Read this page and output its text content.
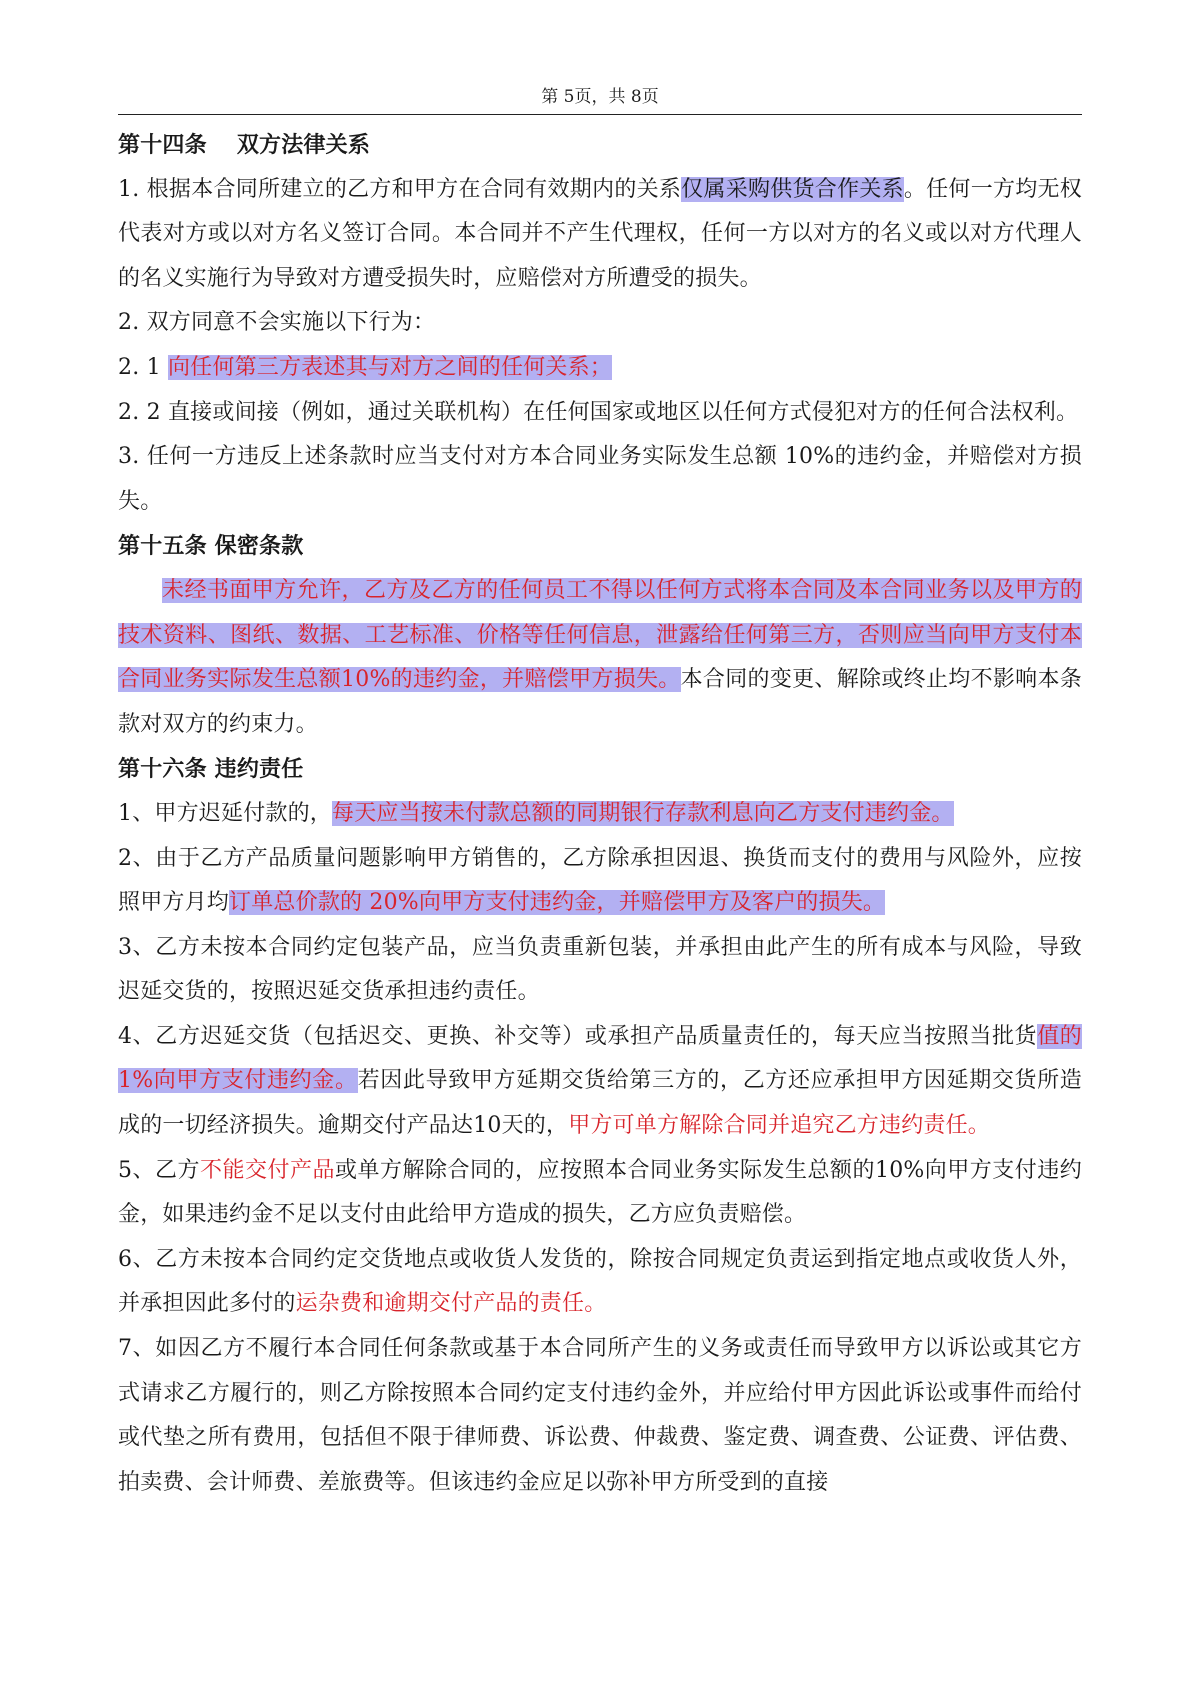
第 5页，共 8页

第十四条　 双方法律关系

1. 根据本合同所建立的乙方和甲方在合同有效期内的关系仅属采购供货合作关系。任何一方均无权代表对方或以对方名义签订合同。本合同并不产生代理权，任何一方以对方的名义或以对方代理人的名义实施行为导致对方遭受损失时，应赔偿对方所遭受的损失。

2. 双方同意不会实施以下行为：

2. 1 向任何第三方表述其与对方之间的任何关系；

2. 2 直接或间接（例如，通过关联机构）在任何国家或地区以任何方式侵犯对方的任何合法权利。

3. 任何一方违反上述条款时应当支付对方本合同业务实际发生总额 10%的违约金，并赔偿对方损失。

第十五条 保密条款

未经书面甲方允许，乙方及乙方的任何员工不得以任何方式将本合同及本合同业务以及甲方的技术资料、图纸、数据、工艺标准、价格等任何信息，泄露给任何第三方，否则应当向甲方支付本合同业务实际发生总额10%的违约金，并赔偿甲方损失。本合同的变更、解除或终止均不影响本条款对双方的约束力。

第十六条 违约责任

1、甲方迟延付款的，每天应当按未付款总额的同期银行存款利息向乙方支付违约金。

2、由于乙方产品质量问题影响甲方销售的，乙方除承担因退、换货而支付的费用与风险外，应按照甲方月均订单总价款的 20%向甲方支付违约金，并赔偿甲方及客户的损失。

3、乙方未按本合同约定包装产品，应当负责重新包装，并承担由此产生的所有成本与风险，导致迟延交货的，按照迟延交货承担违约责任。

4、乙方迟延交货（包括迟交、更换、补交等）或承担产品质量责任的，每天应当按照当批货值的1%向甲方支付违约金。若因此导致甲方延期交货给第三方的，乙方还应承担甲方因延期交货所造成的一切经济损失。逾期交付产品达10天的，甲方可单方解除合同并追究乙方违约责任。

5、乙方不能交付产品或单方解除合同的，应按照本合同业务实际发生总额的10%向甲方支付违约金，如果违约金不足以支付由此给甲方造成的损失，乙方应负责赔偿。

6、乙方未按本合同约定交货地点或收货人发货的，除按合同规定负责运到指定地点或收货人外，并承担因此多付的运杂费和逾期交付产品的责任。

7、如因乙方不履行本合同任何条款或基于本合同所产生的义务或责任而导致甲方以诉讼或其它方式请求乙方履行的，则乙方除按照本合同约定支付违约金外，并应给付甲方因此诉讼或事件而给付或代垫之所有费用，包括但不限于律师费、诉讼费、仲裁费、鉴定费、调查费、公证费、评估费、拍卖费、会计师费、差旅费等。但该违约金应足以弥补甲方所受到的直接
